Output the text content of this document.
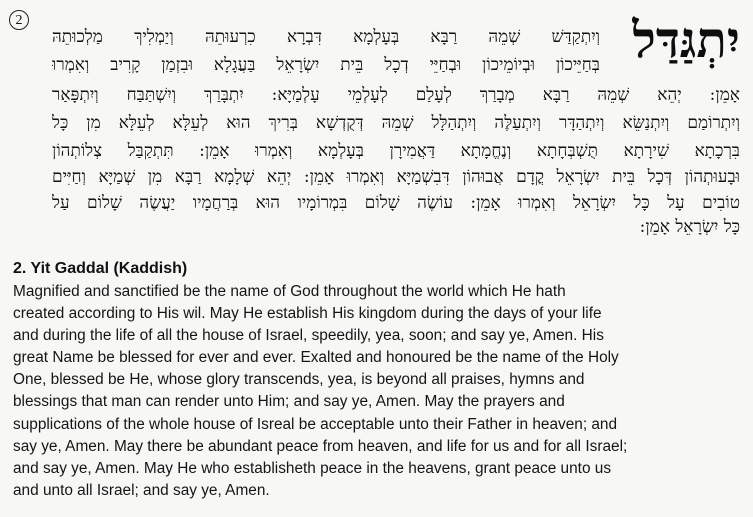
2	יִתְגַּדַּל
וְיִתְקַדַּשׁ שְׁמֵהּ רַבָּא בְּעָלְמָא דִּבְרָא כִרְעוּתֵהּ וְיַמְלִיךְ מַלְכוּתֵהּ
בְּחַיֵּיכוֹן וּבְיוֹמֵיכוֹן וּבְחַיֵּי דְכָל בֵּית יִשְׂרָאֵל בַּעֲגָלָא וּבִזְמַן קָרִיב וְאִמְרוּ
אָמֵן: יְהֵא שְׁמֵהּ רַבָּא מְבָרַךְ לְעָלַם לְעָלְמֵי עָלְמַיָּא: יִתְבָּרַךְ וְיִשְׁתַּבַּח וְיִתְפָּאַר
וְיִתְרוֹמַם וְיִתְנַשֵּׂא וְיִתְהַדָּר וְיִתְעַלֶּה וְיִתְהַלָּל שְׁמֵהּ דְּקֻדְשָׁא בְּרִיךְ הוּא לְעֵלָּא לְעֵלָּא מִן כָּל
בִּרְכָתָא שִׁירָתָא תֻּשְׁבְּחָתָא וְנֶחֱמָתָא דַּאֲמִירָן בְּעָלְמָא וְאִמְרוּ אָמֵן: תִּתְקַבַּל צְלוֹתְהוֹן
וּבָעוּתְהוֹן דְּכָל בֵּית יִשְׂרָאֵל קֳדָם אֲבוּהוֹן דִּבִשְׁמַיָּא וְאִמְרוּ אָמֵן: יְהֵא שְׁלָמָא רַבָּא מִן שְׁמַיָּא וְחַיִּים
טוֹבִים עָל כָּל יִשְׂרָאֵל וְאִמְרוּ אָמֵן: עוֹשֶׂה שָׁלוֹם בִּמְרוֹמָיו הוּא בְּרַחֲמָיו יַעֲשֶׂה שָׁלוֹם עַל
כָּל יִשְׂרָאֵל אָמֵן:
2. Yit Gaddal (Kaddish)
Magnified and sanctified be the name of God throughout the world which He hath
created according to His wil. May He establish His kingdom during the days of your life
and during the life of all the house of Israel, speedily, yea, soon; and say ye, Amen. His
great Name be blessed for ever and ever. Exalted and honoured be the name of the Holy
One, blessed be He, whose glory transcends, yea, is beyond all praises, hymns and
blessings that man can render unto Him; and say ye, Amen. May the prayers and
supplications of the whole house of Isreal be acceptable unto their Father in heaven; and
say ye, Amen. May there be abundant peace from heaven, and life for us and for all Israel;
and say ye, Amen. May He who establisheth peace in the heavens, grant peace unto us
and unto all Israel; and say ye, Amen.
